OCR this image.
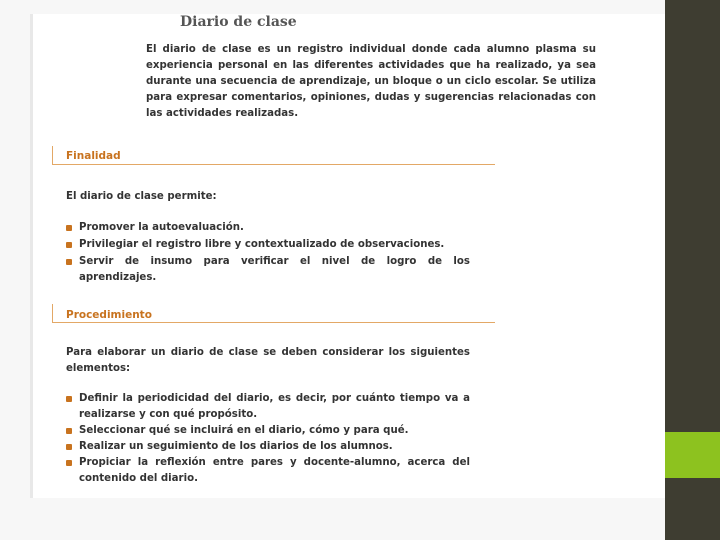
Diario de clase

El diario de clase es un registro individual donde cada alumno plasma su experiencia personal en las diferentes actividades que ha realizado, ya sea durante una secuencia de aprendizaje, un bloque o un ciclo escolar. Se utiliza para expresar comentarios, opiniones, dudas y sugerencias relacionadas con las actividades realizadas.

Finalidad

El diario de clase permite:

Promover la autoevaluación.
Privilegiar el registro libre y contextualizado de observaciones.
Servir de insumo para verificar el nivel de logro de los aprendizajes.
Procedimiento

Para elaborar un diario de clase se deben considerar los siguientes elementos:

Definir la periodicidad del diario, es decir, por cuánto tiempo va a realizarse y con qué propósito.
Seleccionar qué se incluirá en el diario, cómo y para qué.
Realizar un seguimiento de los diarios de los alumnos.
Propiciar la reflexión entre pares y docente-alumno, acerca del contenido del diario.
